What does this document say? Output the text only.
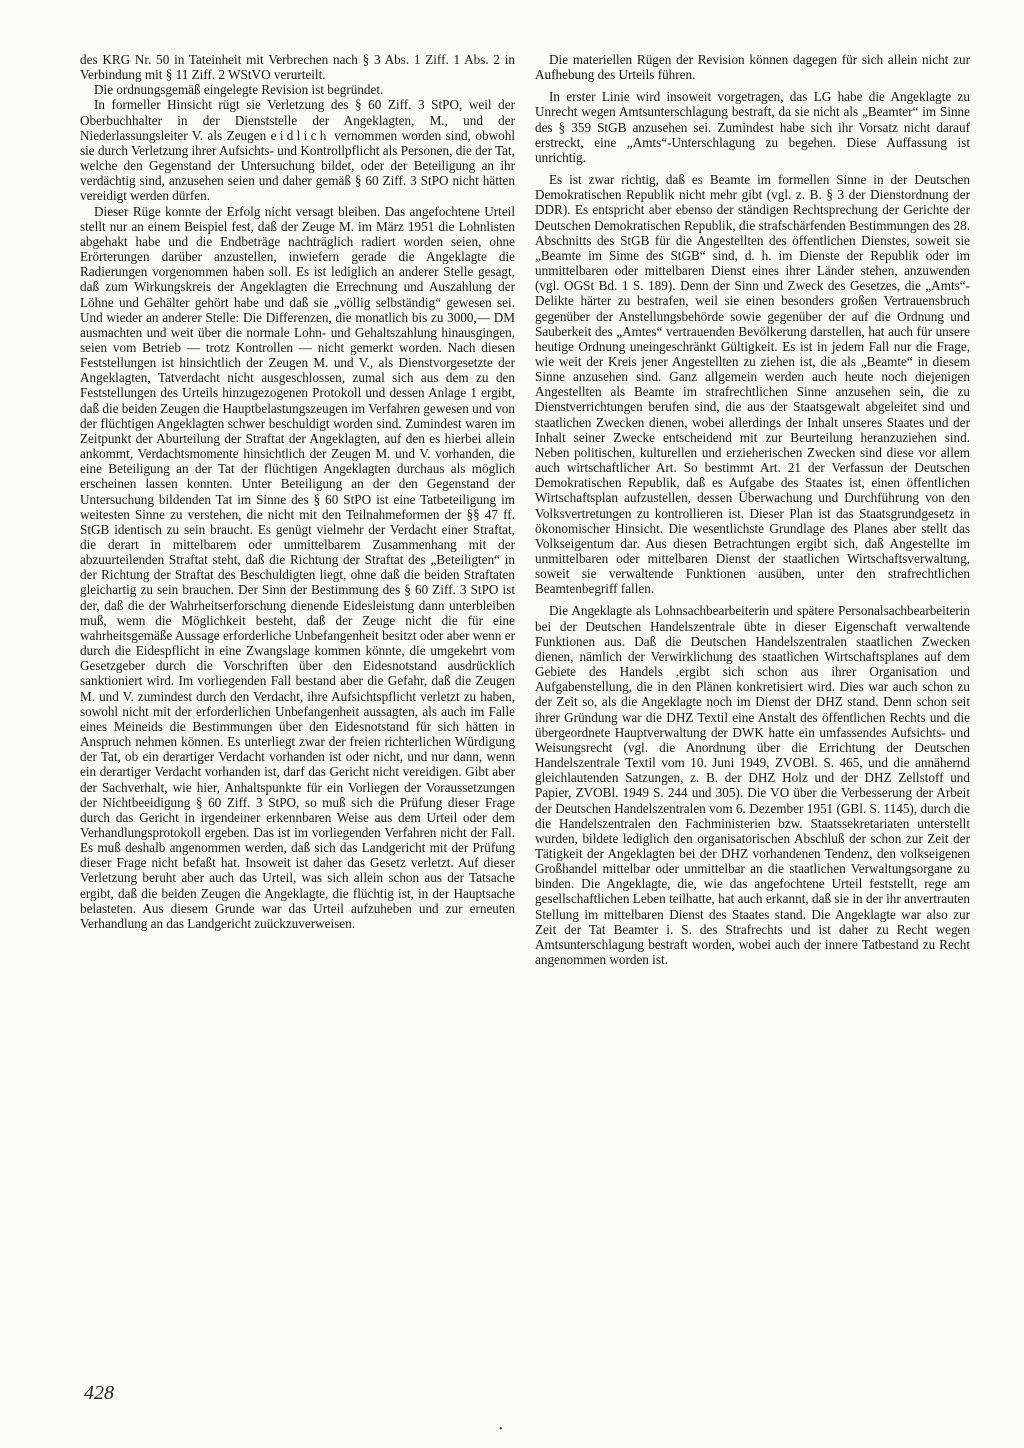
des KRG Nr. 50 in Tateinheit mit Verbrechen nach § 3 Abs. 1 Ziff. 1 Abs. 2 in Verbindung mit § 11 Ziff. 2 WStVO verurteilt.

Die ordnungsgemäß eingelegte Revision ist begründet.

In formeller Hinsicht rügt sie Verletzung des § 60 Ziff. 3 StPO, weil der Oberbuchhalter in der Dienststelle der Angeklagten, M., und der Niederlassungsleiter V. als Zeugen eidlich vernommen worden sind, obwohl sie durch Verletzung ihrer Aufsichts- und Kontrollpflicht als Personen, die der Tat, welche den Gegenstand der Untersuchung bildet, oder der Beteiligung an ihr verdächtig sind, anzusehen seien und daher gemäß § 60 Ziff. 3 StPO nicht hätten vereidigt werden dürfen.

Dieser Rüge konnte der Erfolg nicht versagt bleiben. Das angefochtene Urteil stellt nur an einem Beispiel fest, daß der Zeuge M. im März 1951 die Lohnlisten abgehakt habe und die Endbeträge nachträglich radiert worden seien, ohne Erörterungen darüber anzustellen, inwiefern gerade die Angeklagte die Radierungen vorgenommen haben soll. Es ist lediglich an anderer Stelle gesagt, daß zum Wirkungskreis der Angeklagten die Errechnung und Auszahlung der Löhne und Gehälter gehört habe und daß sie „völlig selbständig“ gewesen sei. Und wieder an anderer Stelle: Die Differenzen, die monatlich bis zu 3000,— DM ausmachten und weit über die normale Lohn- und Gehaltszahlung hinausgingen, seien vom Betrieb — trotz Kontrollen — nicht gemerkt worden. Nach diesen Feststellungen ist hinsichtlich der Zeugen M. und V., als Dienstvorgesetzte der Angeklagten, Tatverdacht nicht ausgeschlossen, zumal sich aus dem zu den Feststellungen des Urteils hinzugezogenen Protokoll und dessen Anlage 1 ergibt, daß die beiden Zeugen die Hauptbelastungszeugen im Verfahren gewesen und von der flüchtigen Angeklagten schwer beschuldigt worden sind. Zumindest waren im Zeitpunkt der Aburteilung der Straftat der Angeklagten, auf den es hierbei allein ankommt, Verdachtsmomente hinsichtlich der Zeugen M. und V. vorhanden, die eine Beteiligung an der Tat der flüchtigen Angeklagten durchaus als möglich erscheinen lassen konnten. Unter Beteiligung an der den Gegenstand der Untersuchung bildenden Tat im Sinne des § 60 StPO ist eine Tatbeteiligung im weitesten Sinne zu verstehen, die nicht mit den Teilnahmeformen der §§ 47 ff. StGB identisch zu sein braucht. Es genügt vielmehr der Verdacht einer Straftat, die derart in mittelbarem oder unmittelbarem Zusammenhang mit der abzuurteilenden Straftat steht, daß die Richtung der Straftat des „Beteiligten“ in der Richtung der Straftat des Beschuldigten liegt, ohne daß die beiden Straftaten gleichartig zu sein brauchen. Der Sinn der Bestimmung des § 60 Ziff. 3 StPO ist der, daß die der Wahrheitserforschung dienende Eidesleistung dann unterbleiben muß, wenn die Möglichkeit besteht, daß der Zeuge nicht die für eine wahrheitsgemäße Aussage erforderliche Unbefangenheit besitzt oder aber wenn er durch die Eidespflicht in eine Zwangslage kommen könnte, die umgekehrt vom Gesetzgeber durch die Vorschriften über den Eidesnotstand ausdrücklich sanktioniert wird. Im vorliegenden Fall bestand aber die Gefahr, daß die Zeugen M. und V. zumindest durch den Verdacht, ihre Aufsichtspflicht verletzt zu haben, sowohl nicht mit der erforderlichen Unbefangenheit aussagten, als auch im Falle eines Meineids die Bestimmungen über den Eidesnotstand für sich hätten in Anspruch nehmen können. Es unterliegt zwar der freien richterlichen Würdigung der Tat, ob ein derartiger Verdacht vorhanden ist oder nicht, und nur dann, wenn ein derartiger Verdacht vorhanden ist, darf das Gericht nicht vereidigen. Gibt aber der Sachverhalt, wie hier, Anhaltspunkte für ein Vorliegen der Voraussetzungen der Nichtbeeidigung § 60 Ziff. 3 StPO, so muß sich die Prüfung dieser Frage durch das Gericht in irgendeiner erkennbaren Weise aus dem Urteil oder dem Verhandlungsprotokoll ergeben. Das ist im vorliegenden Verfahren nicht der Fall. Es muß deshalb angenommen werden, daß sich das Landgericht mit der Prüfung dieser Frage nicht befaßt hat. Insoweit ist daher das Gesetz verletzt. Auf dieser Verletzung beruht aber auch das Urteil, was sich allein schon aus der Tatsache ergibt, daß die beiden Zeugen die Angeklagte, die flüchtig ist, in der Hauptsache belasteten. Aus diesem Grunde war das Urteil aufzuheben und zur erneuten Verhandlung an das Landgericht zuückzuverweisen.

Die materiellen Rügen der Revision können dagegen für sich allein nicht zur Aufhebung des Urteils führen.

In erster Linie wird insoweit vorgetragen, das LG habe die Angeklagte zu Unrecht wegen Amtsunterschlagung bestraft, da sie nicht als „Beamter“ im Sinne des § 359 StGB anzusehen sei. Zumindest habe sich ihr Vorsatz nicht darauf erstreckt, eine „Amts“-Unterschlagung zu begehen. Diese Auffassung ist unrichtig.

Es ist zwar richtig, daß es Beamte im formellen Sinne in der Deutschen Demokratischen Republik nicht mehr gibt (vgl. z. B. § 3 der Dienstordnung der DDR). Es entspricht aber ebenso der ständigen Rechtsprechung der Gerichte der Deutschen Demokratischen Republik, die strafschärfenden Bestimmungen des 28. Abschnitts des StGB für die Angestellten des öffentlichen Dienstes, soweit sie „Beamte im Sinne des StGB“ sind, d. h. im Dienste der Republik oder im unmittelbaren oder mittelbaren Dienst eines ihrer Länder stehen, anzuwenden (vgl. OGSt Bd. 1 S. 189). Denn der Sinn und Zweck des Gesetzes, die „Amts“-Delikte härter zu bestrafen, weil sie einen besonders großen Vertrauensbruch gegenüber der Anstellungsbehörde sowie gegenüber der auf die Ordnung und Sauberkeit des „Amtes“ vertrauenden Bevölkerung darstellen, hat auch für unsere heutige Ordnung uneingeschränkt Gültigkeit. Es ist in jedem Fall nur die Frage, wie weit der Kreis jener Angestellten zu ziehen ist, die als „Beamte“ in diesem Sinne anzusehen sind. Ganz allgemein werden auch heute noch diejenigen Angestellten als Beamte im strafrechtlichen Sinne anzusehen sein, die zu Dienstverrichtungen berufen sind, die aus der Staatsgewalt abgeleitet sind und staatlichen Zwecken dienen, wobei allerdings der Inhalt unseres Staates und der Inhalt seiner Zwecke entscheidend mit zur Beurteilung heranzuziehen sind. Neben politischen, kulturellen und erzieherischen Zwecken sind diese vor allem auch wirtschaftlicher Art. So bestimmt Art. 21 der Verfassun der Deutschen Demokratischen Republik, daß es Aufgabe des Staates ist, einen öffentlichen Wirtschaftsplan aufzustellen, dessen Überwachung und Durchführung von den Volksvertretungen zu kontrollieren ist. Dieser Plan ist das Staatsgrundgesetz in ökonomischer Hinsicht. Die wesentlichste Grundlage des Planes aber stellt das Volkseigentum dar. Aus diesen Betrachtungen ergibt sich, daß Angestellte im unmittelbaren oder mittelbaren Dienst der staatlichen Wirtschaftsverwaltung, soweit sie verwaltende Funktionen ausüben, unter den strafrechtlichen Beamtenbegriff fallen.

Die Angeklagte als Lohnsachbearbeiterin und spätere Personalsachbearbeiterin bei der Deutschen Handelszentrale übte in dieser Eigenschaft verwaltende Funktionen aus. Daß die Deutschen Handelszentralen staatlichen Zwecken dienen, nämlich der Verwirklichung des staatlichen Wirtschaftsplanes auf dem Gebiete des Handels ,ergibt sich schon aus ihrer Organisation und Aufgabenstellung, die in den Plänen konkretisiert wird. Dies war auch schon zu der Zeit so, als die Angeklagte noch im Dienst der DHZ stand. Denn schon seit ihrer Gründung war die DHZ Textil eine Anstalt des öffentlichen Rechts und die übergeordnete Hauptverwaltung der DWK hatte ein umfassendes Aufsichts- und Weisungsrecht (vgl. die Anordnung über die Errichtung der Deutschen Handelszentrale Textil vom 10. Juni 1949, ZVOBl. S. 465, und die annähernd gleichlautenden Satzungen, z. B. der DHZ Holz und der DHZ Zellstoff und Papier, ZVOBl. 1949 S. 244 und 305). Die VO über die Verbesserung der Arbeit der Deutschen Handelszentralen vom 6. Dezember 1951 (GBl. S. 1145), durch die die Handelszentralen den Fachministerien bzw. Staatssekretariaten unterstellt wurden, bildete lediglich den organisatorischen Abschluß der schon zur Zeit der Tätigkeit der Angeklagten bei der DHZ vorhandenen Tendenz, den volkseigenen Großhandel mittelbar oder unmittelbar an die staatlichen Verwaltungsorgane zu binden. Die Angeklagte, die, wie das angefochtene Urteil feststellt, rege am gesellschaftlichen Leben teilhatte, hat auch erkannt, daß sie in der ihr anvertrauten Stellung im mittelbaren Dienst des Staates stand. Die Angeklagte war also zur Zeit der Tat Beamter i. S. des Strafrechts und ist daher zu Recht wegen Amtsunterschlagung bestraft worden, wobei auch der innere Tatbestand zu Recht angenommen worden ist.

428
•
